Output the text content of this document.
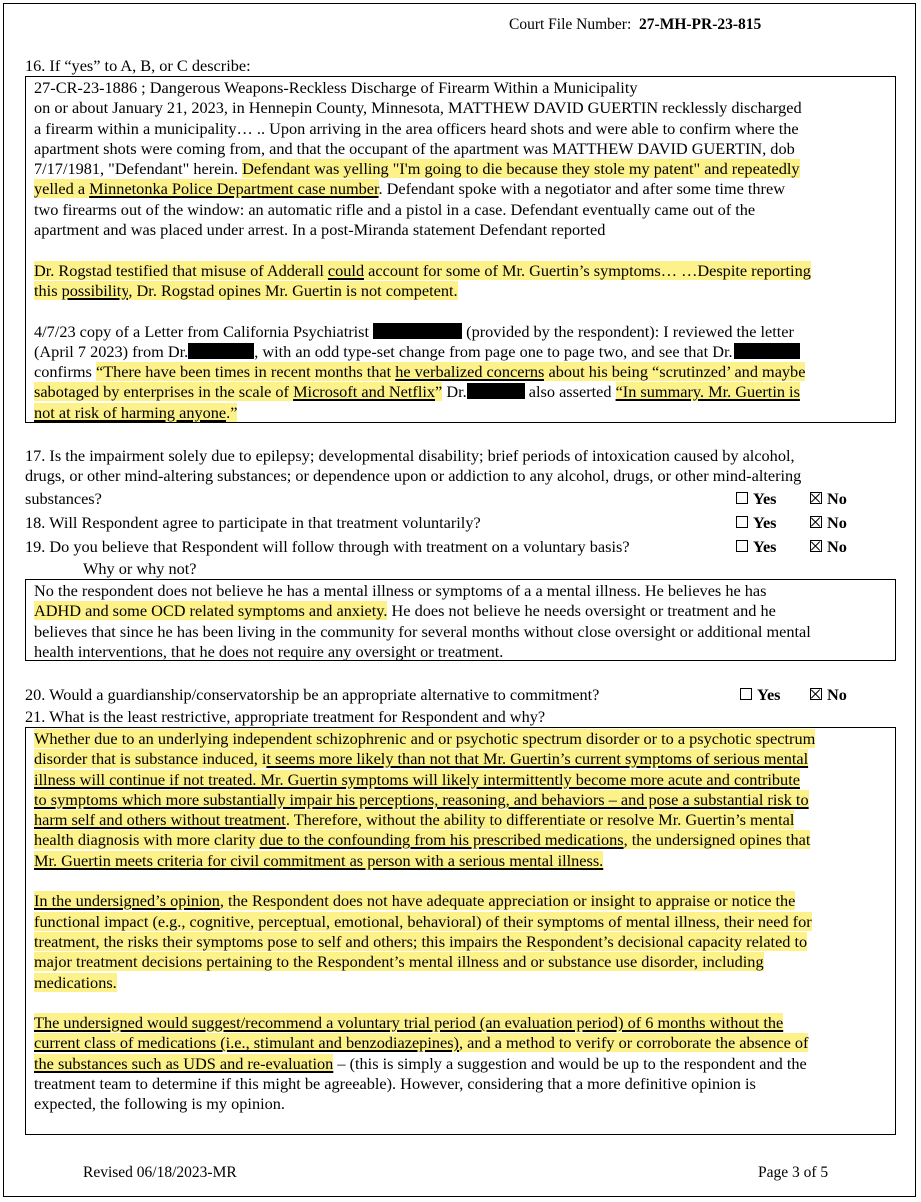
Court File Number: 27-MH-PR-23-815
16. If “yes” to A, B, or C describe:

27-CR-23-1886 ; Dangerous Weapons-Reckless Discharge of Firearm Within a Municipality

on or about January 21, 2023, in Hennepin County, Minnesota, MATTHEW DAVID GUERTIN recklessly discharged

a firearm within a municipality… .. Upon arriving in the area officers heard shots and were able to confirm where the

apartment shots were coming from, and that the occupant of the apartment was MATTHEW DAVID GUERTIN, dob

7/17/1981, "Defendant" herein. Defendant was yelling "I'm going to die because they stole my patent" and repeatedly

yelled a Minnetonka Police Department case number. Defendant spoke with a negotiator and after some time threw

two firearms out of the window: an automatic rifle and a pistol in a case. Defendant eventually came out of the

apartment and was placed under arrest. In a post-Miranda statement Defendant reported

Dr. Rogstad testified that misuse of Adderall could account for some of Mr. Guertin’s symptoms… …Despite reporting

this possibility, Dr. Rogstad opines Mr. Guertin is not competent.

4/7/23 copy of a Letter from California Psychiatrist	(provided by the respondent): I reviewed the letter

(April 7 2023) from Dr.	, with an odd type-set change from page one to page two, and see that Dr.

confirms “There have been times in recent months that he verbalized concerns about his being “scrutinzed’ and maybe

sabotaged by enterprises in the scale of Microsoft and Netflix” Dr.	also asserted “In summary. Mr. Guertin is

not at risk of harming anyone.”

17. Is the impairment solely due to epilepsy; developmental disability; brief periods of intoxication caused by alcohol,
drugs, or other mind-altering substances; or dependence upon or addiction to any alcohol, drugs, or other mind-altering
substances?	Yes	No
18. Will Respondent agree to participate in that treatment voluntarily?	Yes	No
19. Do you believe that Respondent will follow through with treatment on a voluntary basis?	Yes	No
Why or why not?

No the respondent does not believe he has a mental illness or symptoms of a a mental illness. He believes he has

ADHD and some OCD related symptoms and anxiety. He does not believe he needs oversight or treatment and he

believes that since he has been living in the community for several months without close oversight or additional mental

health interventions, that he does not require any oversight or treatment.

20. Would a guardianship/conservatorship be an appropriate alternative to commitment?	Yes	No
21. What is the least restrictive, appropriate treatment for Respondent and why?

Whether due to an underlying independent schizophrenic and or psychotic spectrum disorder or to a psychotic spectrum

disorder that is substance induced, it seems more likely than not that Mr. Guertin’s current symptoms of serious mental

illness will continue if not treated. Mr. Guertin symptoms will likely intermittently become more acute and contribute

to symptoms which more substantially impair his perceptions, reasoning, and behaviors – and pose a substantial risk to

harm self and others without treatment. Therefore, without the ability to differentiate or resolve Mr. Guertin’s mental

health diagnosis with more clarity due to the confounding from his prescribed medications, the undersigned opines that

Mr. Guertin meets criteria for civil commitment as person with a serious mental illness.

In the undersigned’s opinion, the Respondent does not have adequate appreciation or insight to appraise or notice the

functional impact (e.g., cognitive, perceptual, emotional, behavioral) of their symptoms of mental illness, their need for

treatment, the risks their symptoms pose to self and others; this impairs the Respondent’s decisional capacity related to

major treatment decisions pertaining to the Respondent’s mental illness and or substance use disorder, including

medications.

The undersigned would suggest/recommend a voluntary trial period (an evaluation period) of 6 months without the

current class of medications (i.e., stimulant and benzodiazepines), and a method to verify or corroborate the absence of

the substances such as UDS and re-evaluation – (this is simply a suggestion and would be up to the respondent and the

treatment team to determine if this might be agreeable). However, considering that a more definitive opinion is

expected, the following is my opinion.

Revised 06/18/2023-MR	Page 3 of 5
